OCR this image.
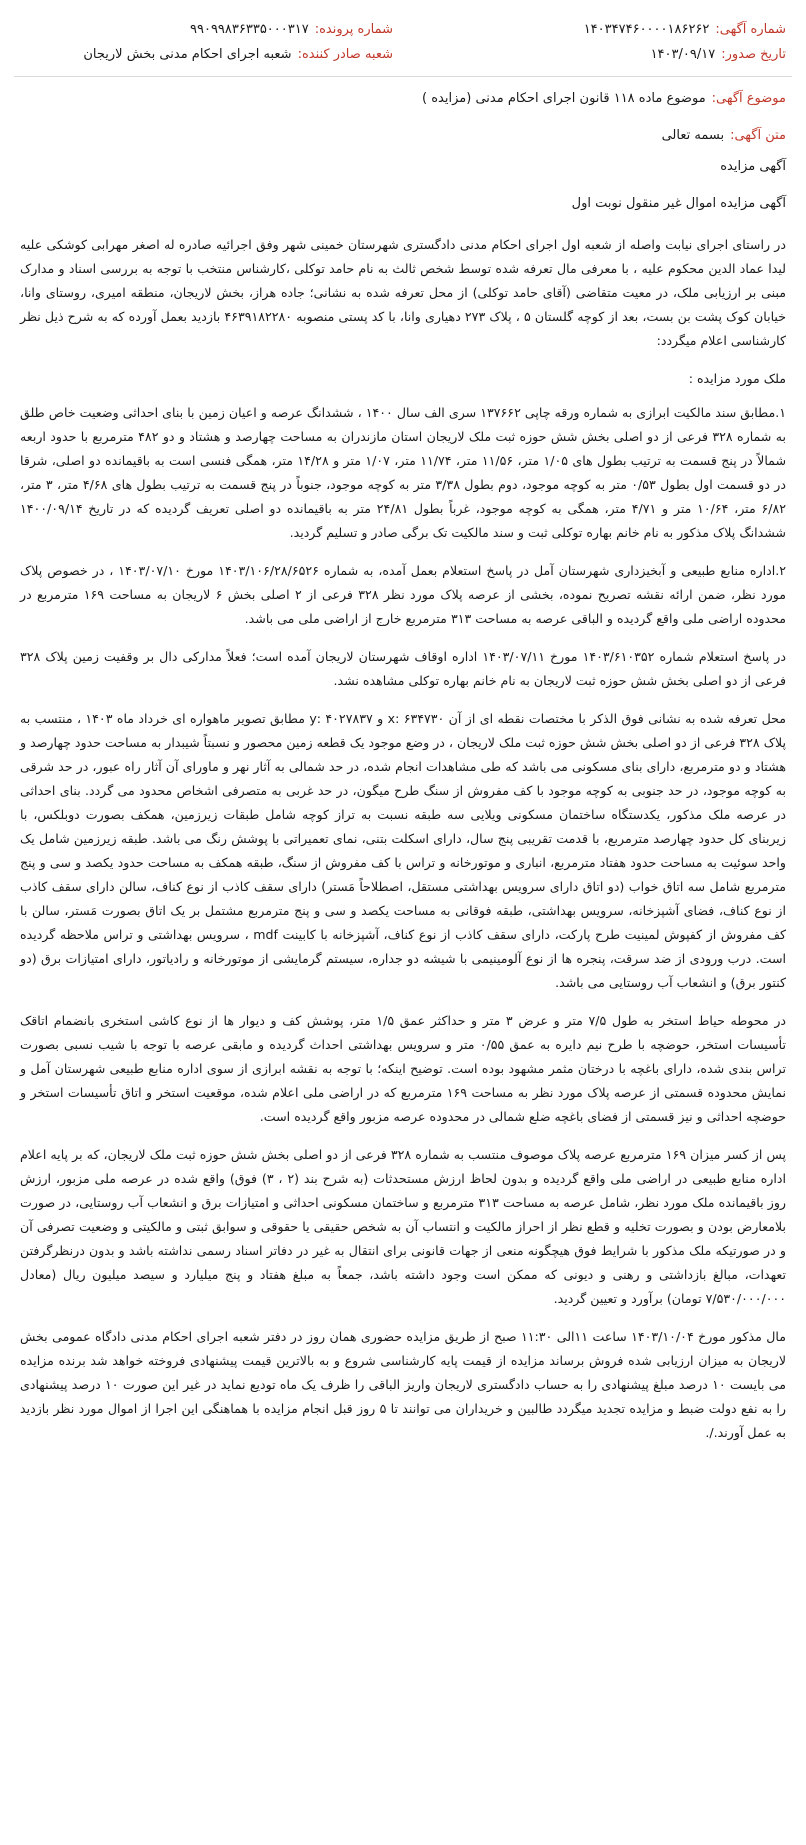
شماره آگهی:
۱۴۰۳۴۷۴۶۰۰۰۰۱۸۶۲۶۲
شماره پرونده:
۹۹۰۹۹۸۳۶۳۳۵۰۰۰۳۱۷
تاریخ صدور:
۱۴۰۳/۰۹/۱۷
شعبه صادر کننده:
شعبه اجرای احکام مدنی بخش لاریجان
موضوع آگهی:
موضوع ماده ۱۱۸ قانون اجرای احکام مدنی (مزایده )
متن آگهی:
بسمه تعالی
آگهی مزایده
آگهی مزایده اموال غیر منقول نوبت اول

در راستای اجرای نیابت واصله از شعبه اول اجرای احکام مدنی دادگستری شهرستان خمینی شهر وفق اجرائیه صادره له اصغر مهرابی کوشکی علیه لیدا عماد الدین محکوم علیه ، با معرفی مال تعرفه شده توسط شخص ثالث به نام حامد توکلی ،کارشناس منتخب با توجه به بررسی اسناد و مدارک مبنی بر ارزیابی ملک، در معیت متقاضی (آقای حامد توکلی) از محل تعرفه شده به نشانی؛ جاده هراز، بخش لاریجان، منطقه امیری، روستای وانا، خیابان کوک پشت بن بست، بعد از کوچه گلستان ۵ ، پلاک ۲۷۳ دهیاری وانا، با کد پستی منصوبه ۴۶۳۹۱۸۲۲۸۰ بازدید بعمل آورده که به شرح ذیل نظر کارشناسی اعلام میگردد:

ملک مورد مزایده :

۱.مطابق سند مالکیت ابرازی به شماره ورقه چاپی ۱۳۷۶۶۲ سری الف سال ۱۴۰۰ ، ششدانگ عرصه و اعیان زمین با بنای احداثی وضعیت خاص طلق به شماره ۳۲۸ فرعی از دو اصلی بخش شش حوزه ثبت ملک لاریجان استان مازندران به مساحت چهارصد و هشتاد و دو ۴۸۲ مترمربع با حدود اربعه شمالاً در پنج قسمت به ترتیب بطول های ۱/۰۵ متر، ۱۱/۵۶ متر، ۱۱/۷۴ متر، ۱/۰۷ متر و ۱۴/۲۸ متر، همگی فنسی است به باقیمانده دو اصلی، شرقا در دو قسمت اول بطول ۰/۵۳ متر به کوچه موجود، دوم بطول ۳/۳۸ متر به کوچه موجود، جنوباً در پنج قسمت به ترتیب بطول های ۴/۶۸ متر، ۳ متر، ۶/۸۲ متر، ۱۰/۶۴ متر و ۴/۷۱ متر، همگی به کوچه موجود، غرباً بطول ۲۴/۸۱ متر به باقیمانده دو اصلی تعریف گردیده که در تاریخ ۱۴۰۰/۰۹/۱۴ ششدانگ پلاک مذکور به نام خانم بهاره توکلی ثبت و سند مالکیت تک برگی صادر و تسلیم گردید.

۲.اداره منابع طبیعی و آبخیزداری شهرستان آمل در پاسخ استعلام بعمل آمده، به شماره ۱۴۰۳/۱۰۶/۲۸/۶۵۲۶ مورخ ۱۴۰۳/۰۷/۱۰ ، در خصوص پلاک مورد نظر، ضمن ارائه نقشه تصریح نموده، بخشی از عرصه پلاک مورد نظر ۳۲۸ فرعی از ۲ اصلی بخش ۶ لاریجان به مساحت ۱۶۹ مترمربع در محدوده اراضی ملی واقع گردیده و الباقی عرصه به مساحت ۳۱۳ مترمربع خارج از اراضی ملی می باشد.

در پاسخ استعلام شماره ۱۴۰۳/۶۱۰۳۵۲ مورخ ۱۴۰۳/۰۷/۱۱ اداره اوقاف شهرستان لاریجان آمده است؛ فعلاً مدارکی دال بر وقفیت زمین پلاک ۳۲۸ فرعی از دو اصلی بخش شش حوزه ثبت لاریجان به نام خانم بهاره توکلی مشاهده نشد.

محل تعرفه شده به نشانی فوق الذکر با مختصات نقطه ای از آن ۶۳۴۷۳۰ :x و ۴۰۲۷۸۳۷ :y مطابق تصویر ماهواره ای خرداد ماه ۱۴۰۳ ، منتسب به پلاک ۳۲۸ فرعی از دو اصلی بخش شش حوزه ثبت ملک لاریجان ، در وضع موجود یک قطعه زمین محصور و نسبتاً شیبدار به مساحت حدود چهارصد و هشتاد و دو مترمربع، دارای بنای مسکونی می باشد که طی مشاهدات انجام شده، در حد شمالی به آثار نهر و ماورای آن آثار راه عبور، در حد شرقی به کوچه موجود، در حد جنوبی به کوچه موجود با کف مفروش از سنگ طرح میگون، در حد غربی به متصرفی اشخاص محدود می گردد. بنای احداثی در عرصه ملک مذکور، یکدستگاه ساختمان مسکونی ویلایی سه طبقه نسبت به تراز کوچه شامل طبقات زیرزمین، همکف بصورت دوبلکس، با زیربنای کل حدود چهارصد مترمربع، با قدمت تقریبی پنج سال، دارای اسکلت بتنی، نمای تعمیراتی با پوشش رنگ می باشد. طبقه زیرزمین شامل یک واحد سوئیت به مساحت حدود هفتاد مترمربع، انباری و موتورخانه و تراس با کف مفروش از سنگ، طبقه همکف به مساحت حدود یکصد و سی و پنج مترمربع شامل سه اتاق خواب (دو اتاق دارای سرویس بهداشتی مستقل، اصطلاحاً مَستر) دارای سقف کاذب از نوع کناف، سالن دارای سقف کاذب از نوع کناف، فضای آشپزخانه، سرویس بهداشتی، طبقه فوقانی به مساحت یکصد و سی و پنج مترمربع مشتمل بر یک اتاق بصورت مَستر، سالن با کف مفروش از کفپوش لمینیت طرح پارکت، دارای سقف کاذب از نوع کناف، آشپزخانه با کابینت mdf ، سرویس بهداشتی و تراس ملاحظه گردیده است. درب ورودی از ضد سرقت، پنجره ها از نوع آلومینیمی با شیشه دو جداره، سیستم گرمایشی از موتورخانه و رادیاتور، دارای امتیازات برق (دو کنتور برق) و انشعاب آب روستایی می باشد.

در محوطه حیاط استخر به طول ۷/۵ متر و عرض ۳ متر و حداکثر عمق ۱/۵ متر، پوشش کف و دیوار ها از نوع کاشی استخری بانضمام اتاقک تأسیسات استخر، حوضچه با طرح نیم دایره به عمق ۰/۵۵ متر و سرویس بهداشتی احداث گردیده و مابقی عرصه با توجه با شیب نسبی بصورت تراس بندی شده، دارای باغچه با درختان مثمر مشهود بوده است. توضیح اینکه؛ با توجه به نقشه ابرازی از سوی اداره منابع طبیعی شهرستان آمل و نمایش محدوده قسمتی از عرصه پلاک مورد نظر به مساحت ۱۶۹ مترمربع که در اراضی ملی اعلام شده، موقعیت استخر و اتاق تأسیسات استخر و حوضچه احداثی و نیز قسمتی از فضای باغچه ضلع شمالی در محدوده عرصه مزبور واقع گردیده است.

پس از کسر میزان ۱۶۹ مترمربع عرصه پلاک موصوف منتسب به شماره ۳۲۸ فرعی از دو اصلی بخش شش حوزه ثبت ملک لاریجان، که بر پایه اعلام اداره منابع طبیعی در اراضی ملی واقع گردیده و بدون لحاظ ارزش مستحدثات (به شرح بند (۲ ، ۳) فوق) واقع شده در عرصه ملی مزبور، ارزش روز باقیمانده ملک مورد نظر، شامل عرصه به مساحت ۳۱۳ مترمربع و ساختمان مسکونی احداثی و امتیازات برق و انشعاب آب روستایی، در صورت بلامعارض بودن و بصورت تخلیه و قطع نظر از احراز مالکیت و انتساب آن به شخص حقیقی یا حقوقی و سوابق ثبتی و مالکیتی و وضعیت تصرفی آن و در صورتیکه ملک مذکور با شرایط فوق هیچگونه منعی از جهات قانونی برای انتقال به غیر در دفاتر اسناد رسمی نداشته باشد و بدون درنظرگرفتن تعهدات، مبالغ بازداشتی و رهنی و دیونی که ممکن است وجود داشته باشد، جمعاً به مبلغ هفتاد و پنج میلیارد و سیصد میلیون ریال (معادل ۷/۵۳۰/۰۰۰/۰۰۰ تومان) برآورد و تعیین گردید.

مال مذکور مورخ ۱۴۰۳/۱۰/۰۴ ساعت ۱۱الی ۱۱:۳۰ صبح از طریق مزایده حضوری همان روز در دفتر شعبه اجرای احکام مدنی دادگاه عمومی بخش لاریجان به میزان ارزیابی شده فروش برساند مزایده از قیمت پایه کارشناسی شروع و به بالاترین قیمت پیشنهادی فروخته خواهد شد برنده مزایده می بایست ۱۰ درصد مبلغ پیشنهادی را به حساب دادگستری لاریجان واریز الباقی را ظرف یک ماه تودیع نماید در غیر این صورت ۱۰ درصد پیشنهادی را به نفع دولت ضبط و مزایده تجدید میگردد طالبین و خریداران می توانند تا ۵ روز قبل انجام مزایده با هماهنگی این اجرا از اموال مورد نظر بازدید به عمل آورند./.
